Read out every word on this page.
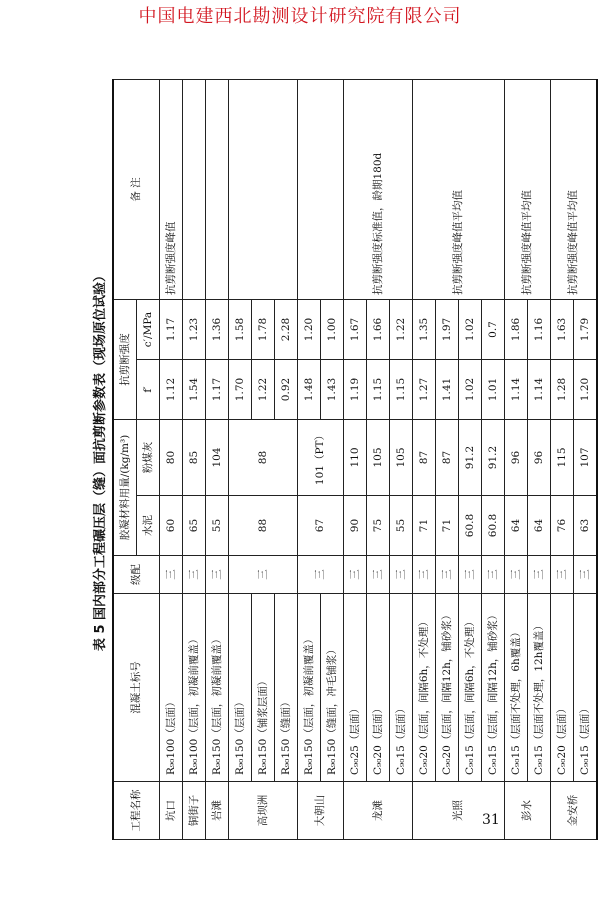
中国电建西北勘测设计研究院有限公司
表 5 国内部分工程碾压层（缝）面抗剪断参数表（现场原位试验）
工程名称	混凝土标号	级配	胶凝材料用量/(kg/m³)		抗剪断强度		备 注
			水泥	粉煤灰	f′	c′/MPa	
坑口	R₉₀100（层面）	三	60	80	1.12	1.17	抗剪断强度峰值
铜街子	R₉₀100（层面，初凝前覆盖）	三	65	85	1.54	1.23	
岩滩	R₉₀150（层面，初凝前覆盖）	三	55	104	1.17	1.36	
高坝洲	R₉₀150（层面）	三	88	88	1.70	1.58	
	R₉₀150（铺浆层面）				1.22	1.78	
	R₉₀150（缝面）				0.92	2.28	
大朝山	R₉₀150（层面，初凝前覆盖）	三	67	101（PT）	1.48	1.20	
	R₉₀150（缝面，冲毛铺浆）				1.43	1.00	
龙滩	C₉₀25（层面）	三	90	110	1.19	1.67	抗剪断强度标准值，龄期180d
	C₉₀20（层面）	三	75	105	1.15	1.66	
	C₉₀15（层面）	三	55	105	1.15	1.22	
光照	C₉₀20（层面，间隔6h，不处理）	三	71	87	1.27	1.35	抗剪断强度峰值平均值
	C₉₀20（层面，间隔12h，铺砂浆）	三	71	87	1.41	1.97	
	C₉₀15（层面，间隔6h，不处理）	三	60.8	91.2	1.02	1.02	
	C₉₀15（层面，间隔12h，铺砂浆）	三	60.8	91.2	1.01	0.7	
彭水	C₉₀15（层面不处理，6h覆盖）	三	64	96	1.14	1.86	抗剪断强度峰值平均值
	C₉₀15（层面不处理，12h覆盖）	三	64	96	1.14	1.16	
金安桥	C₉₀20（层面）	三	76	115	1.28	1.63	抗剪断强度峰值平均值
	C₉₀15（层面）	三	63	107	1.20	1.79	
31
